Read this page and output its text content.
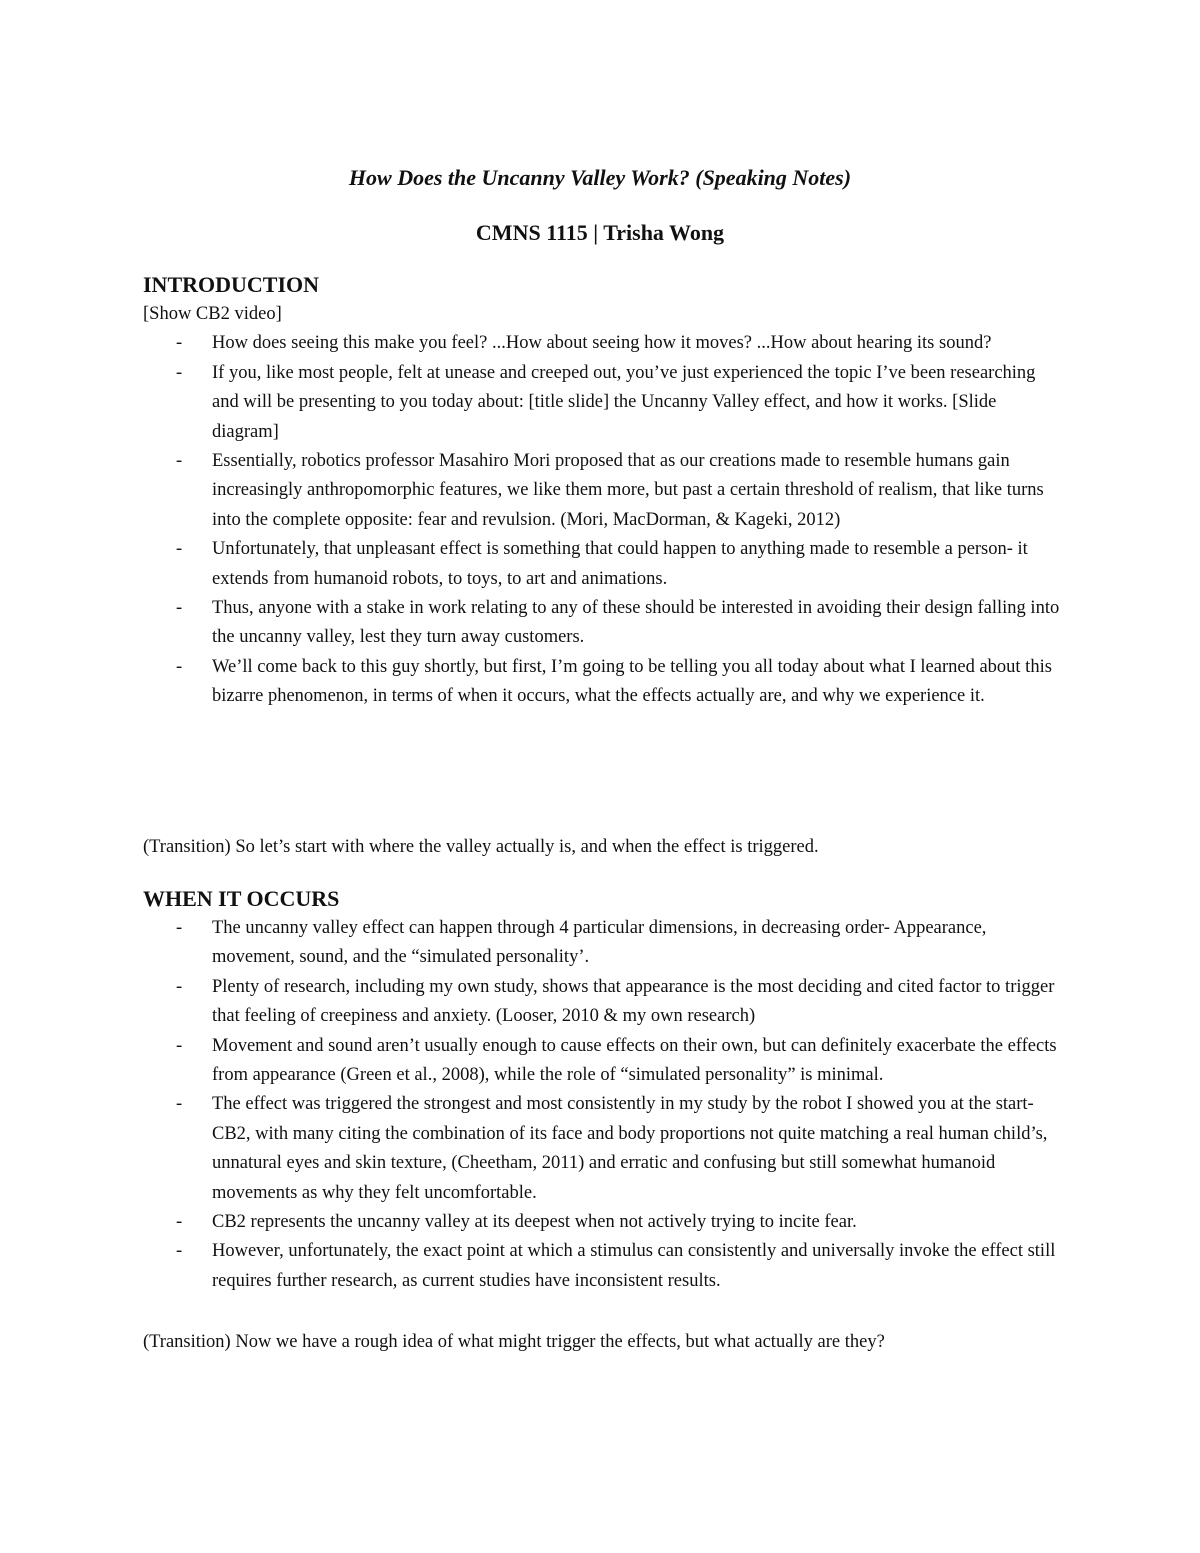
How Does the Uncanny Valley Work? (Speaking Notes)
CMNS 1115 | Trisha Wong
INTRODUCTION

[Show CB2 video]

- How does seeing this make you feel? ...How about seeing how it moves? ...How about hearing its sound?
- If you, like most people, felt at unease and creeped out, you’ve just experienced the topic I’ve been researching and will be presenting to you today about: [title slide] the Uncanny Valley effect, and how it works. [Slide diagram]
- Essentially, robotics professor Masahiro Mori proposed that as our creations made to resemble humans gain increasingly anthropomorphic features, we like them more, but past a certain threshold of realism, that like turns into the complete opposite: fear and revulsion. (Mori, MacDorman, & Kageki, 2012)
- Unfortunately, that unpleasant effect is something that could happen to anything made to resemble a person- it extends from humanoid robots, to toys, to art and animations.
- Thus, anyone with a stake in work relating to any of these should be interested in avoiding their design falling into the uncanny valley, lest they turn away customers.
- We’ll come back to this guy shortly, but first, I’m going to be telling you all today about what I learned about this bizarre phenomenon, in terms of when it occurs, what the effects actually are, and why we experience it.

(Transition) So let’s start with where the valley actually is, and when the effect is triggered.

WHEN IT OCCURS
- The uncanny valley effect can happen through 4 particular dimensions, in decreasing order- Appearance, movement, sound, and the “simulated personality’.
- Plenty of research, including my own study, shows that appearance is the most deciding and cited factor to trigger that feeling of creepiness and anxiety. (Looser, 2010 & my own research)
- Movement and sound aren’t usually enough to cause effects on their own, but can definitely exacerbate the effects from appearance (Green et al., 2008), while the role of “simulated personality” is minimal.
- The effect was triggered the strongest and most consistently in my study by the robot I showed you at the start- CB2, with many citing the combination of its face and body proportions not quite matching a real human child’s, unnatural eyes and skin texture, (Cheetham, 2011) and erratic and confusing but still somewhat humanoid movements as why they felt uncomfortable.
- CB2 represents the uncanny valley at its deepest when not actively trying to incite fear.
- However, unfortunately, the exact point at which a stimulus can consistently and universally invoke the effect still requires further research, as current studies have inconsistent results.

(Transition) Now we have a rough idea of what might trigger the effects, but what actually are they?
